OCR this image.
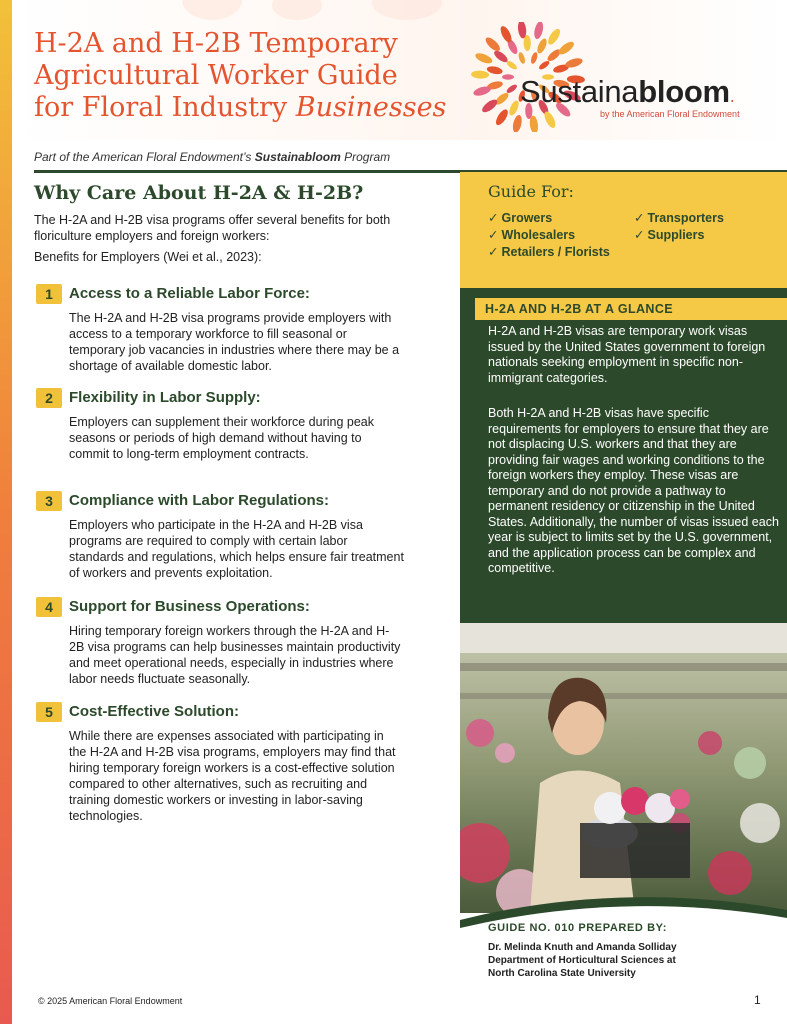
H-2A and H-2B Temporary
Agricultural Worker Guide
for Floral Industry Businesses	Sustainabloom.
by the American Floral Endowment
Part of the American Floral Endowment’s Sustainabloom Program
Why Care About H-2A & H-2B?

The H-2A and H-2B visa programs offer several benefits for both floriculture employers and foreign workers:

Benefits for Employers (Wei et al., 2023):

1	Access to a Reliable Labor Force:
The H-2A and H-2B visa programs provide employers with access to a temporary workforce to fill seasonal or temporary job vacancies in industries where there may be a shortage of available domestic labor.
2	Flexibility in Labor Supply:
Employers can supplement their workforce during peak seasons or periods of high demand without having to commit to long-term employment contracts.
3	Compliance with Labor Regulations:
Employers who participate in the H-2A and H-2B visa programs are required to comply with certain labor standards and regulations, which helps ensure fair treatment of workers and prevents exploitation.
4	Support for Business Operations:
Hiring temporary foreign workers through the H-2A and H-2B visa programs can help businesses maintain productivity and meet operational needs, especially in industries where labor needs fluctuate seasonally.
5	Cost-Effective Solution:
While there are expenses associated with participating in the H-2A and H-2B visa programs, employers may find that hiring temporary foreign workers is a cost-effective solution compared to other alternatives, such as recruiting and training domestic workers or investing in labor-saving technologies.
Guide For:
✓ Growers
✓ Wholesalers
✓ Retailers / Florists
✓ Transporters
✓ Suppliers
H-2A AND H-2B AT A GLANCE

H-2A and H-2B visas are temporary work visas issued by the United States government to foreign nationals seeking employment in specific non-immigrant categories.

Both H-2A and H-2B visas have specific requirements for employers to ensure that they are not displacing U.S. workers and that they are providing fair wages and working conditions to the foreign workers they employ. These visas are temporary and do not provide a pathway to permanent residency or citizenship in the United States. Additionally, the number of visas issued each year is subject to limits set by the U.S. government, and the application process can be complex and competitive.

GUIDE NO. 010 PREPARED BY:
Dr. Melinda Knuth and Amanda Solliday
Department of Horticultural Sciences at
North Carolina State University
© 2025 American Floral Endowment	1
